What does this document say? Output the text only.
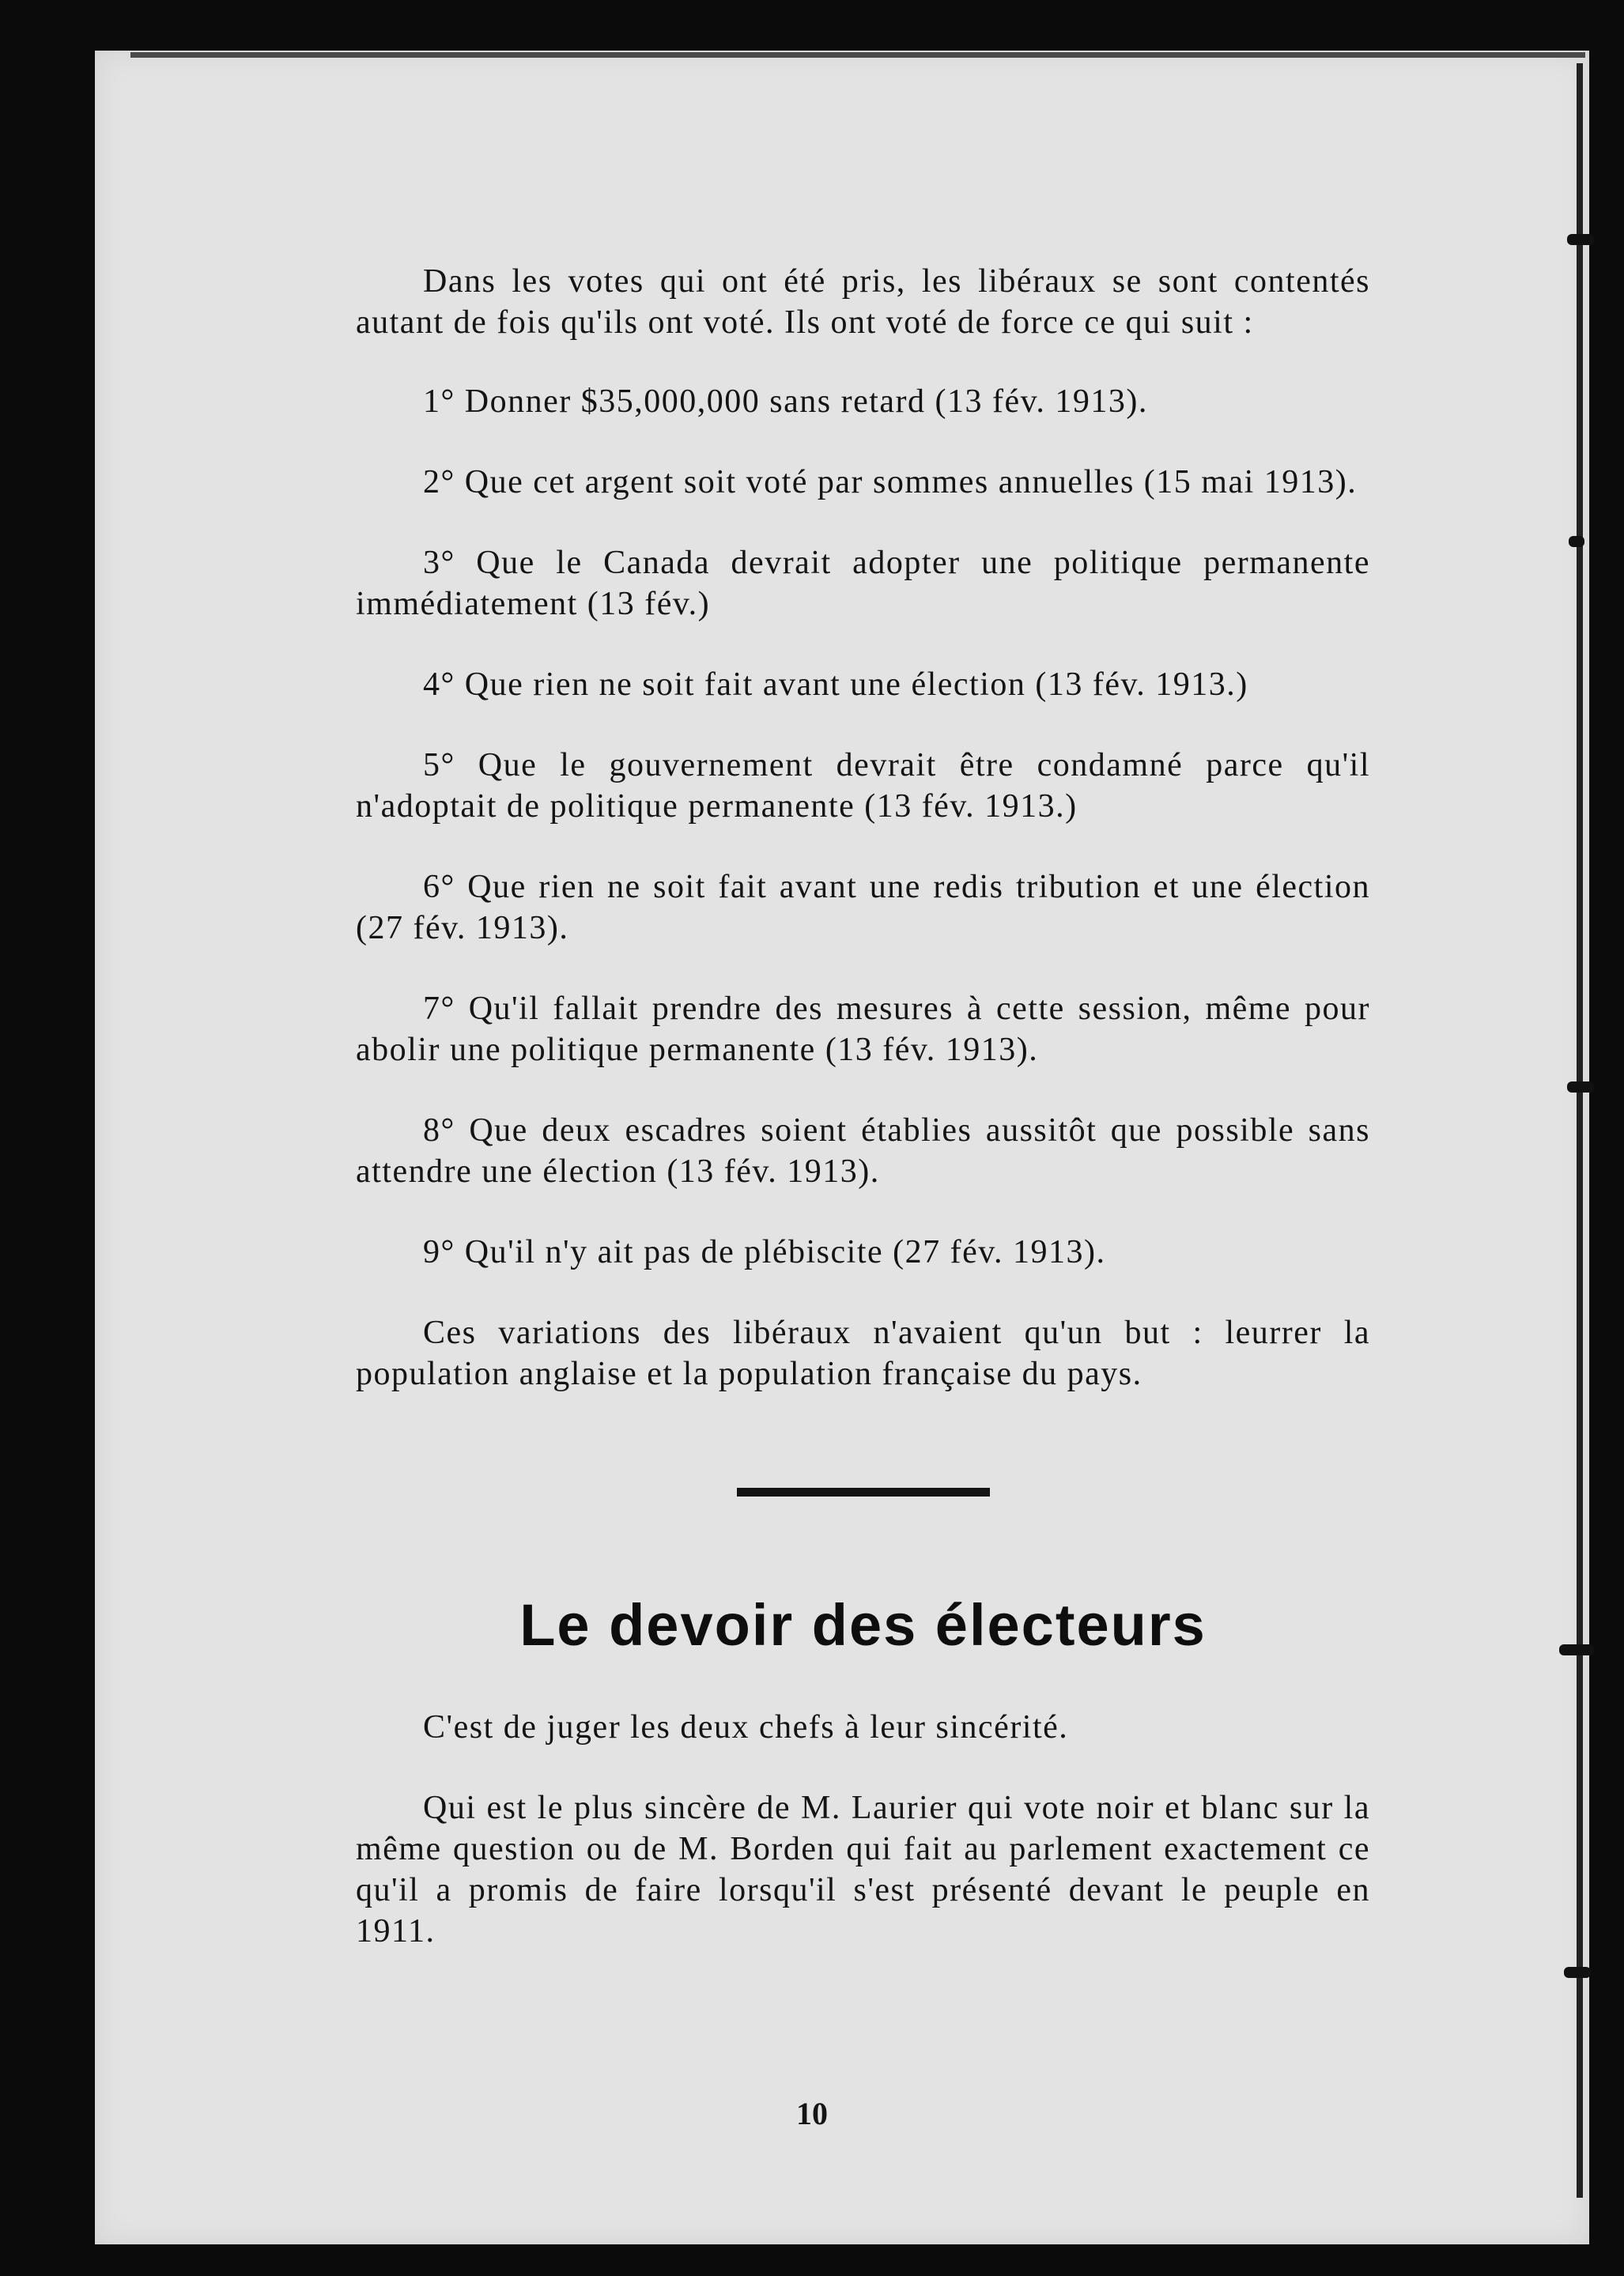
Dans les votes qui ont été pris, les libéraux se sont contentés autant de fois qu'ils ont voté. Ils ont voté de force ce qui suit :

1° Donner $35,000,000 sans retard (13 fév. 1913).

2° Que cet argent soit voté par sommes annuelles (15 mai 1913).

3° Que le Canada devrait adopter une politique permanente immédiatement (13 fév.)

4° Que rien ne soit fait avant une élection (13 fév. 1913.)

5° Que le gouvernement devrait être condamné parce qu'il n'adoptait de politique permanente (13 fév. 1913.)

6° Que rien ne soit fait avant une redis tribution et une élection (27 fév. 1913).

7° Qu'il fallait prendre des mesures à cette session, même pour abolir une politique permanente (13 fév. 1913).

8° Que deux escadres soient établies aussitôt que possible sans attendre une élection (13 fév. 1913).

9° Qu'il n'y ait pas de plébiscite (27 fév. 1913).

Ces variations des libéraux n'avaient qu'un but : leurrer la population anglaise et la population française du pays.

Le devoir des électeurs

C'est de juger les deux chefs à leur sincérité.

Qui est le plus sincère de M. Laurier qui vote noir et blanc sur la même question ou de M. Borden qui fait au parlement exactement ce qu'il a promis de faire lorsqu'il s'est présenté devant le peuple en 1911.

10
